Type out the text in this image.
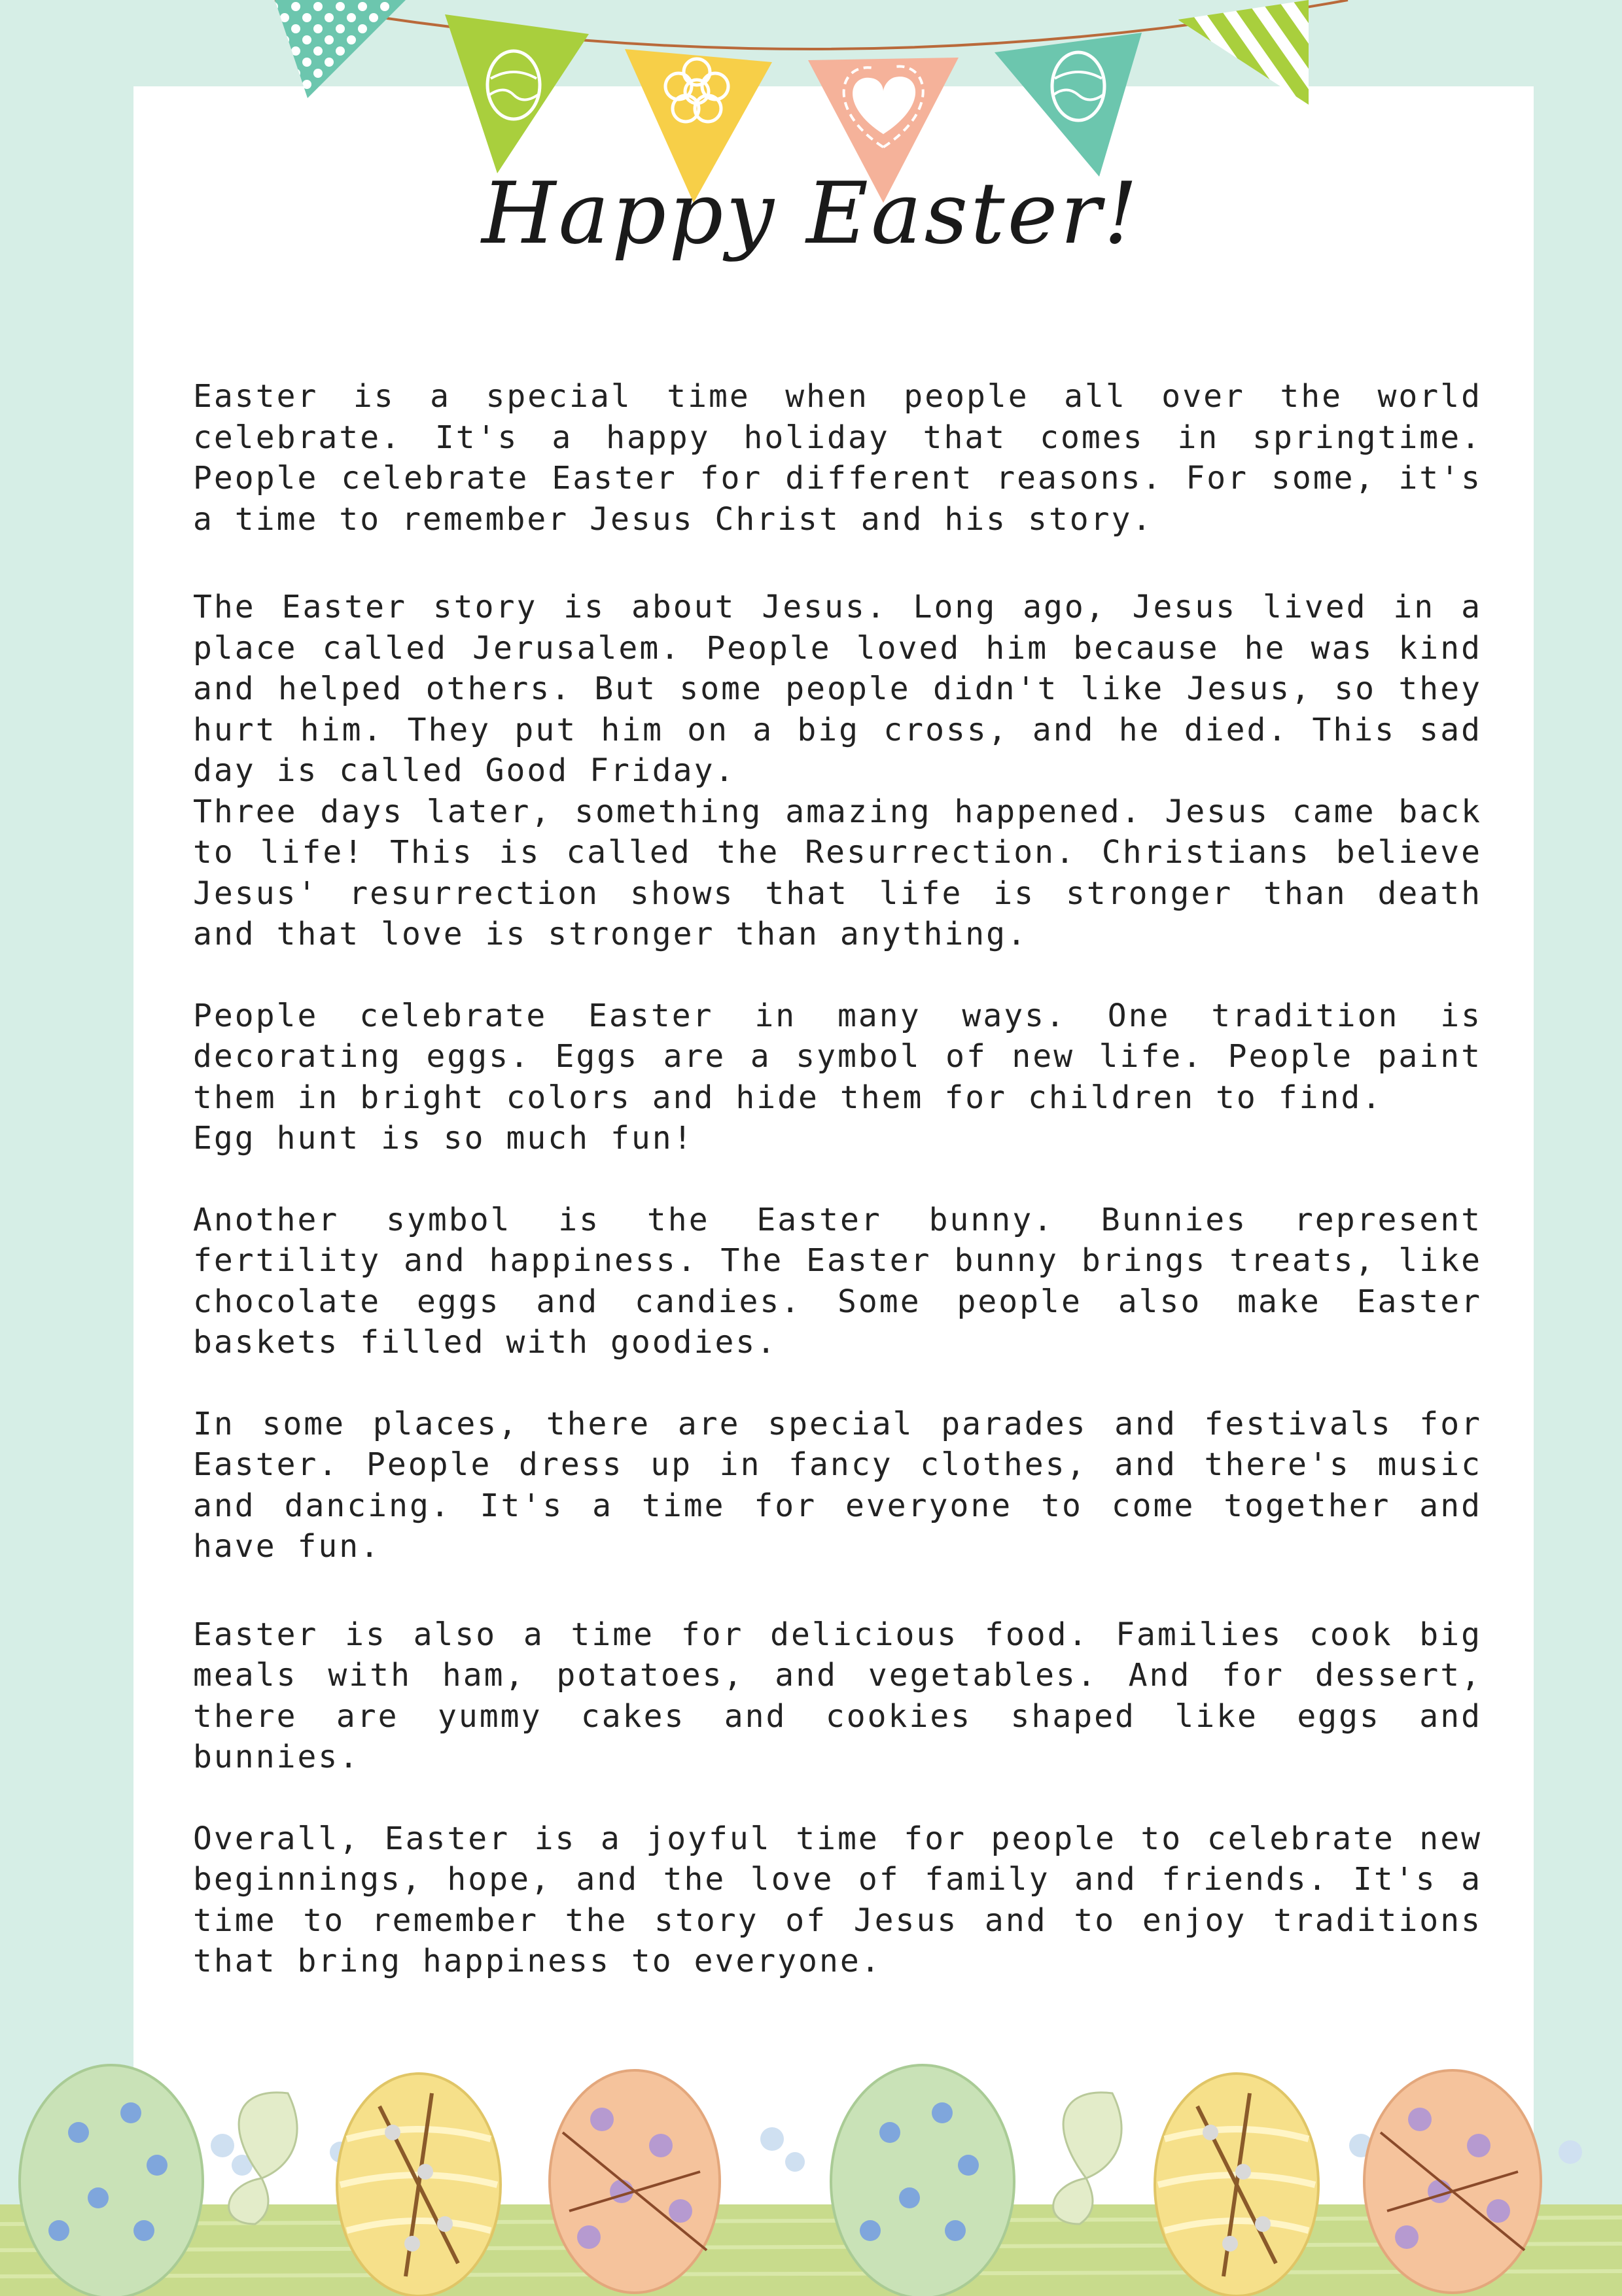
Happy Easter!

Easter is a special time when people all over the world celebrate. It's a happy holiday that comes in springtime. People celebrate Easter for different reasons. For some, it's a time to remember Jesus Christ and his story.

The Easter story is about Jesus. Long ago, Jesus lived in a place called Jerusalem. People loved him because he was kind and helped others. But some people didn't like Jesus, so they hurt him. They put him on a big cross, and he died. This sad day is called Good Friday.

Three days later, something amazing happened. Jesus came back to life! This is called the Resurrection. Christians believe Jesus' resurrection shows that life is stronger than death and that love is stronger than anything.

People celebrate Easter in many ways. One tradition is decorating eggs. Eggs are a symbol of new life. People paint them in bright colors and hide them for children to find.

Egg hunt is so much fun!

Another symbol is the Easter bunny. Bunnies represent fertility and happiness. The Easter bunny brings treats, like chocolate eggs and candies. Some people also make Easter baskets filled with goodies.

In some places, there are special parades and festivals for Easter. People dress up in fancy clothes, and there's music and dancing. It's a time for everyone to come together and have fun.

Easter is also a time for delicious food. Families cook big meals with ham, potatoes, and vegetables. And for dessert, there are yummy cakes and cookies shaped like eggs and bunnies.

Overall, Easter is a joyful time for people to celebrate new beginnings, hope, and the love of family and friends. It's a time to remember the story of Jesus and to enjoy traditions that bring happiness to everyone.
